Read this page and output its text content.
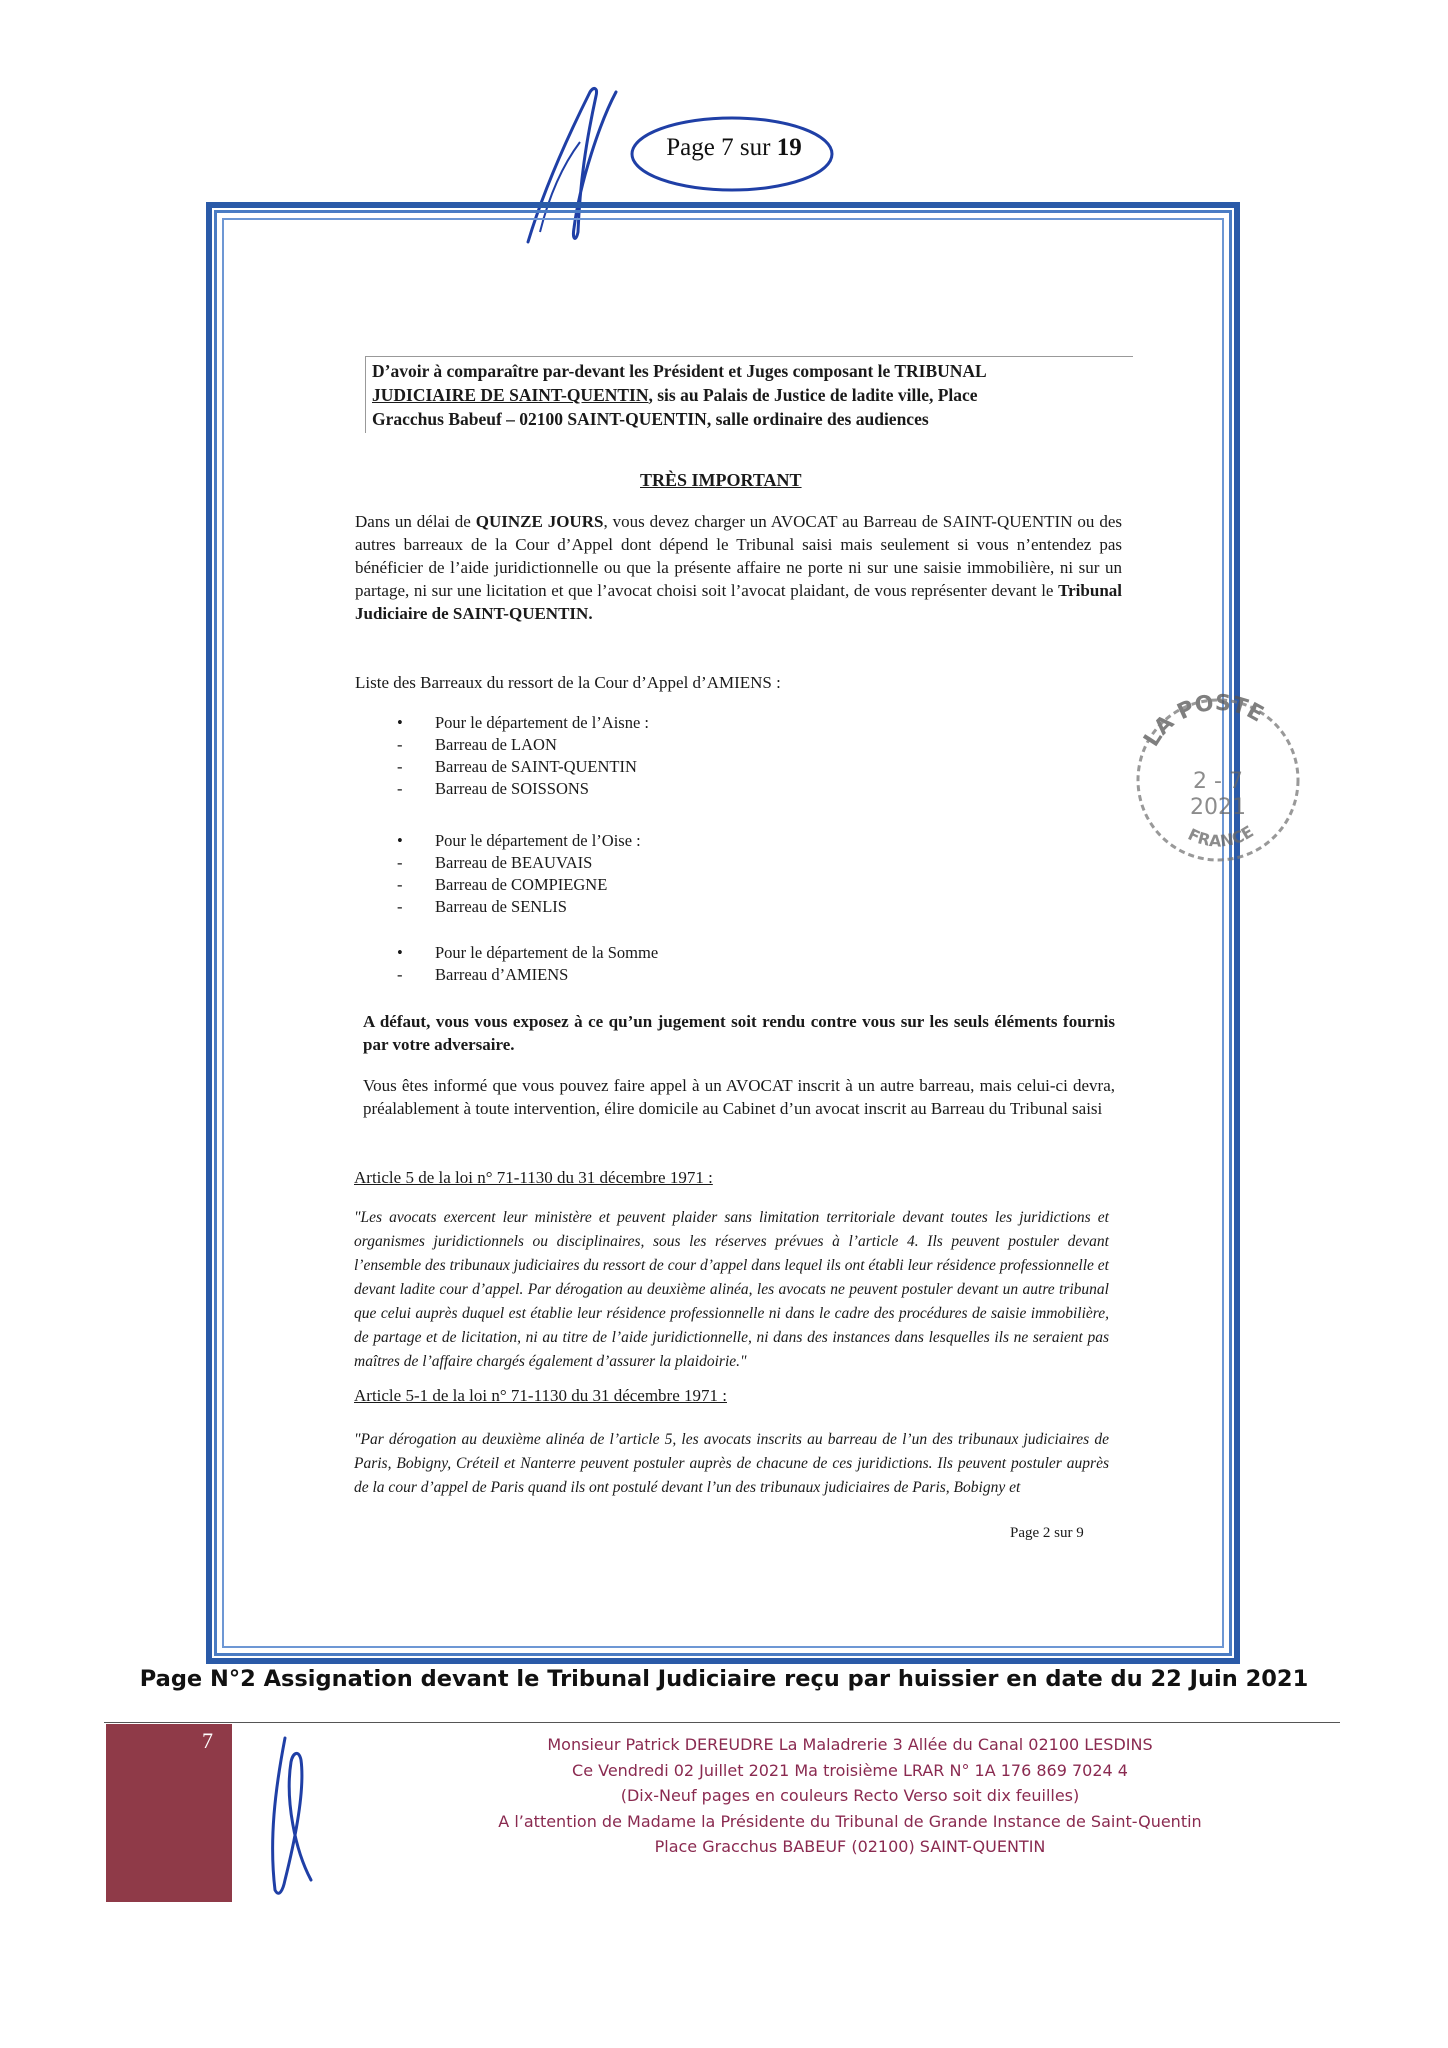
Page 7 sur 19
D’avoir à comparaître par-devant les Président et Juges composant le TRIBUNAL
JUDICIAIRE DE SAINT-QUENTIN, sis au Palais de Justice de ladite ville, Place
Gracchus Babeuf – 02100 SAINT-QUENTIN, salle ordinaire des audiences
TRÈS IMPORTANT
Dans un délai de QUINZE JOURS, vous devez charger un AVOCAT au Barreau de SAINT-QUENTIN ou des autres barreaux de la Cour d’Appel dont dépend le Tribunal saisi mais seulement si vous n’entendez pas bénéficier de l’aide juridictionnelle ou que la présente affaire ne porte ni sur une saisie immobilière, ni sur un partage, ni sur une licitation et que l’avocat choisi soit l’avocat plaidant, de vous représenter devant le Tribunal Judiciaire de SAINT-QUENTIN.
Liste des Barreaux du ressort de la Cour d’Appel d’AMIENS :
•	Pour le département de l’Aisne :
-	Barreau de LAON
-	Barreau de SAINT-QUENTIN
-	Barreau de SOISSONS
•	Pour le département de l’Oise :
-	Barreau de BEAUVAIS
-	Barreau de COMPIEGNE
-	Barreau de SENLIS
•	Pour le département de la Somme
-	Barreau d’AMIENS
A défaut, vous vous exposez à ce qu’un jugement soit rendu contre vous sur les seuls éléments fournis par votre adversaire.
Vous êtes informé que vous pouvez faire appel à un AVOCAT inscrit à un autre barreau, mais celui-ci devra, préalablement à toute intervention, élire domicile au Cabinet d’un avocat inscrit au Barreau du Tribunal saisi
Article 5 de la loi n° 71-1130 du 31 décembre 1971 :
"Les avocats exercent leur ministère et peuvent plaider sans limitation territoriale devant toutes les juridictions et organismes juridictionnels ou disciplinaires, sous les réserves prévues à l’article 4. Ils peuvent postuler devant l’ensemble des tribunaux judiciaires du ressort de cour d’appel dans lequel ils ont établi leur résidence professionnelle et devant ladite cour d’appel. Par dérogation au deuxième alinéa, les avocats ne peuvent postuler devant un autre tribunal que celui auprès duquel est établie leur résidence professionnelle ni dans le cadre des procédures de saisie immobilière, de partage et de licitation, ni au titre de l’aide juridictionnelle, ni dans des instances dans lesquelles ils ne seraient pas maîtres de l’affaire chargés également d’assurer la plaidoirie."
Article 5-1 de la loi n° 71-1130 du 31 décembre 1971 :
"Par dérogation au deuxième alinéa de l’article 5, les avocats inscrits au barreau de l’un des tribunaux judiciaires de Paris, Bobigny, Créteil et Nanterre peuvent postuler auprès de chacune de ces juridictions. Ils peuvent postuler auprès de la cour d’appel de Paris quand ils ont postulé devant l’un des tribunaux judiciaires de Paris, Bobigny et
Page 2 sur 9
LA POSTE
2 - 7
2021
FRANCE
Page N°2 Assignation devant le Tribunal Judiciaire reçu par huissier en date du 22 Juin 2021
7	Monsieur Patrick DEREUDRE La Maladrerie 3 Allée du Canal 02100 LESDINS
Ce Vendredi 02 Juillet 2021 Ma troisième LRAR N° 1A 176 869 7024 4
(Dix-Neuf pages en couleurs Recto Verso soit dix feuilles)
A l’attention de Madame la Présidente du Tribunal de Grande Instance de Saint-Quentin
Place Gracchus BABEUF (02100) SAINT-QUENTIN
